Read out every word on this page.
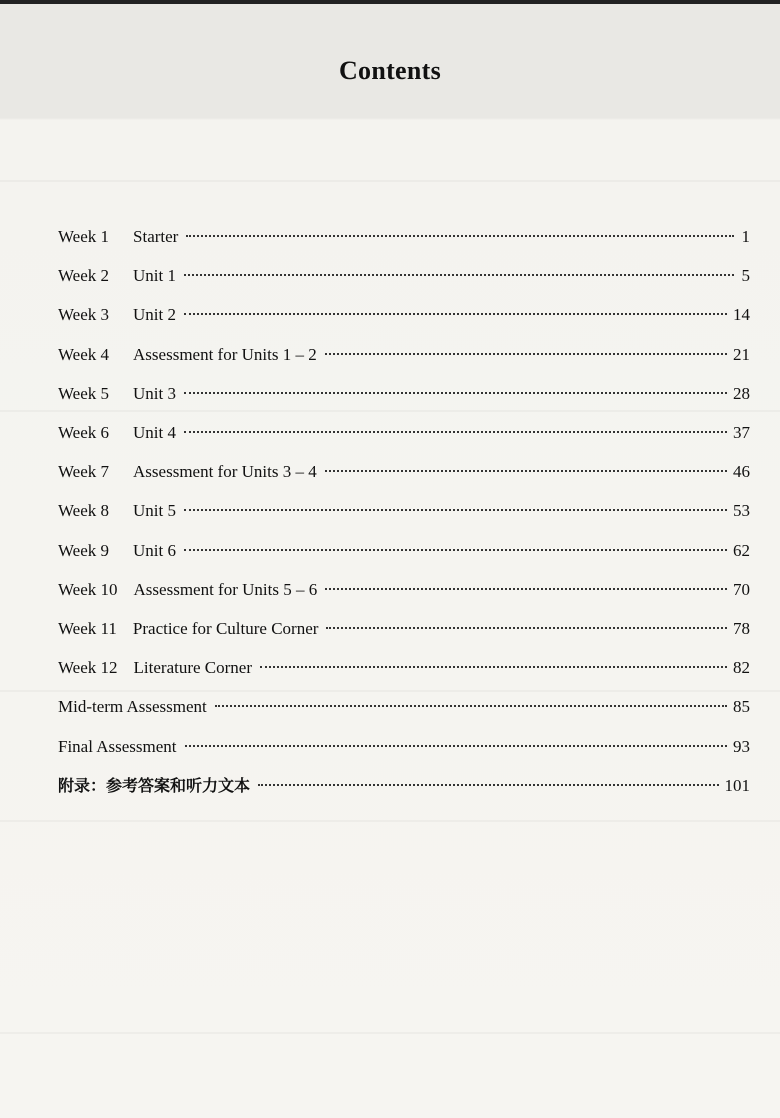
Contents
Week 1 Starter	1
Week 2 Unit 1	5
Week 3 Unit 2	14
Week 4 Assessment for Units 1 – 2	21
Week 5 Unit 3	28
Week 6 Unit 4	37
Week 7 Assessment for Units 3 – 4	46
Week 8 Unit 5	53
Week 9 Unit 6	62
Week 10 Assessment for Units 5 – 6	70
Week 11 Practice for Culture Corner	78
Week 12 Literature Corner	82
Mid-term Assessment	85
Final Assessment	93
附录：参考答案和听力文本	101
